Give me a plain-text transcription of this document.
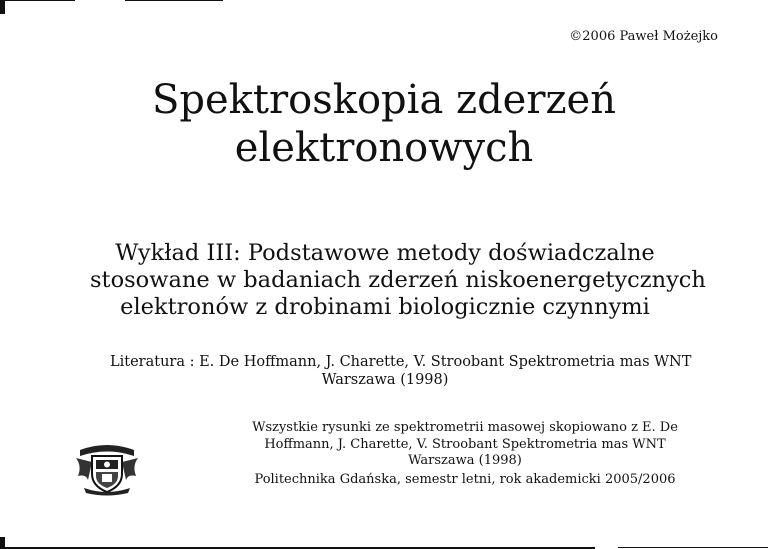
©2006 Paweł Możejko
Spektroskopia zderzeń
elektronowych
Wykład III: Podstawowe metody doświadczalne
stosowane w badaniach zderzeń niskoenergetycznych
elektronów z drobinami biologicznie czynnymi
Literatura : E. De Hoffmann, J. Charette, V. Stroobant Spektrometria mas WNT
Warszawa (1998)
Wszystkie rysunki ze spektrometrii masowej skopiowano z E. De
Hoffmann, J. Charette, V. Stroobant Spektrometria mas WNT
Warszawa (1998)
Politechnika Gdańska, semestr letni, rok akademicki 2005/2006
